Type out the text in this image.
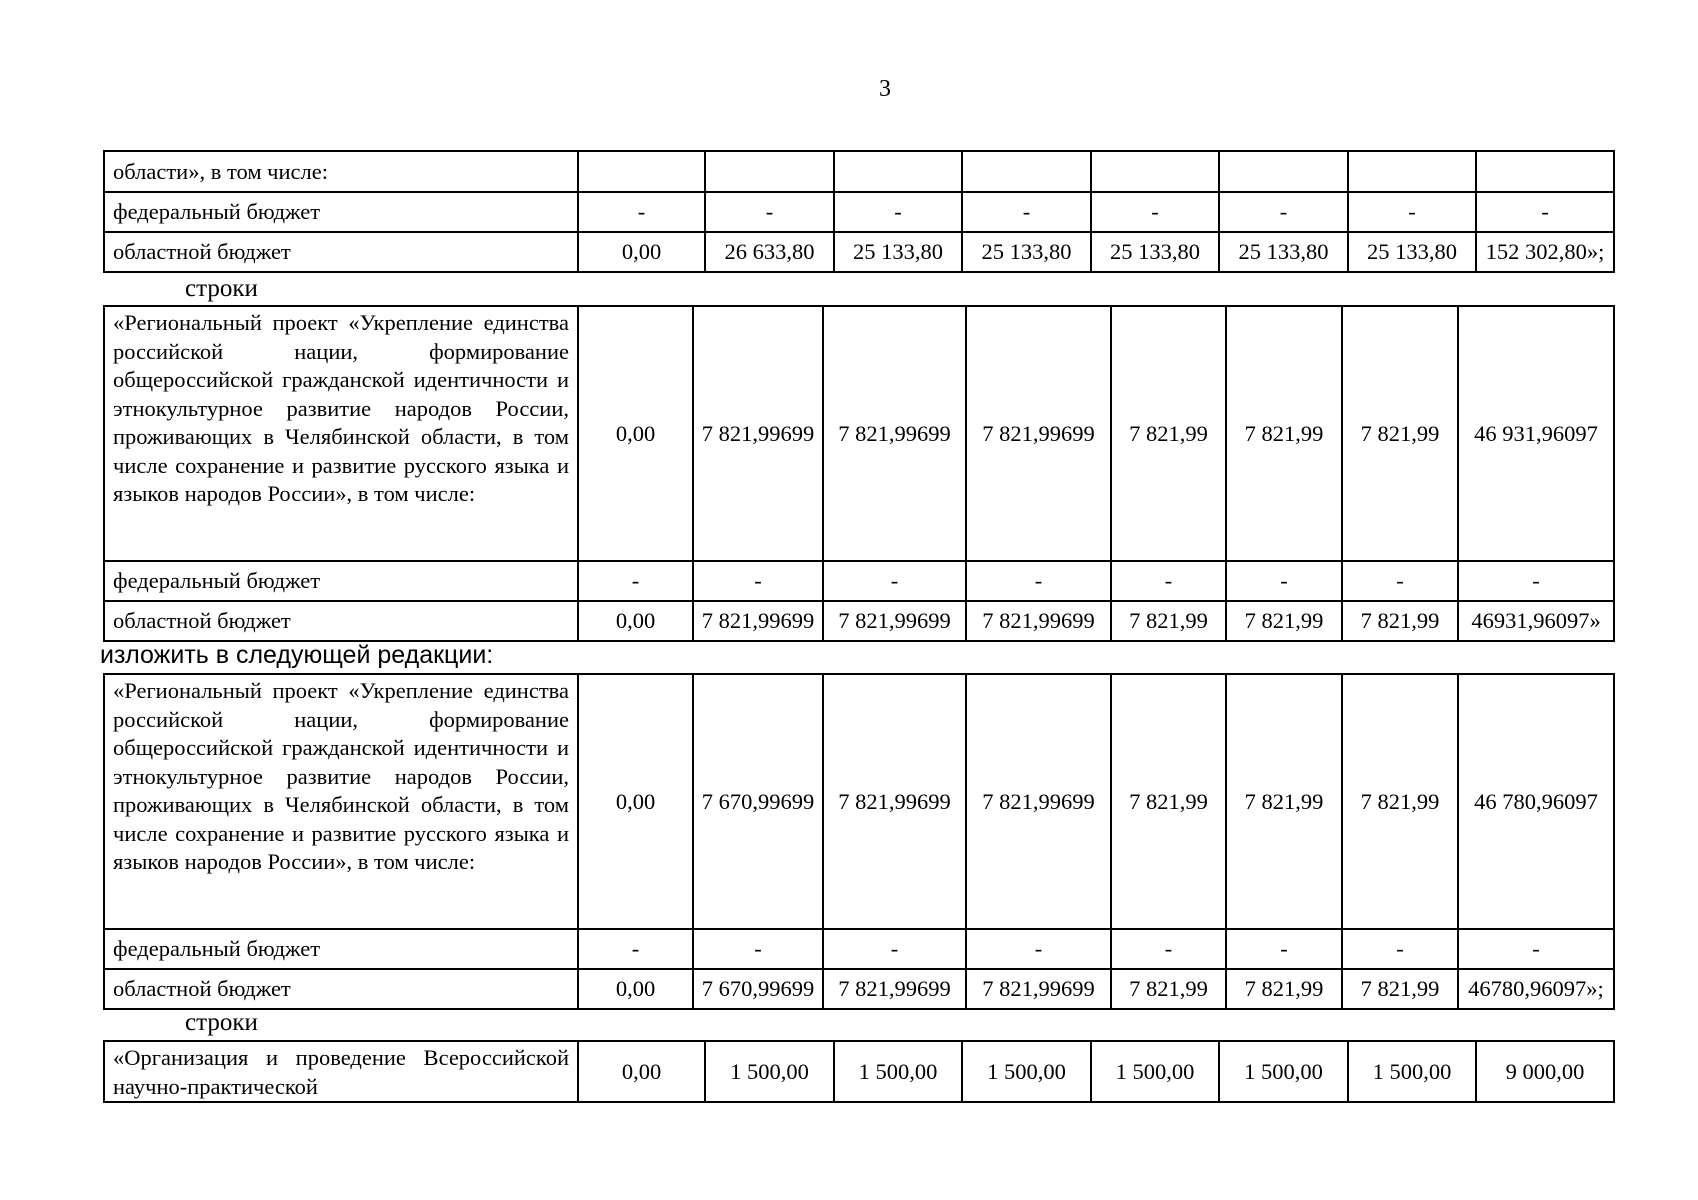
3
области», в том числе:								
федеральный бюджет	-	-	-	-	-	-	-	-
областной бюджет	0,00	26 633,80	25 133,80	25 133,80	25 133,80	25 133,80	25 133,80	152 302,80»;
строки
«Региональный проект «Укрепление единства российской нации, формирование общероссийской гражданской идентичности и этнокультурное развитие народов России, проживающих в Челябинской области, в том числе сохранение и развитие русского языка и языков народов России», в том числе:	0,00	7 821,99699	7 821,99699	7 821,99699	7 821,99	7 821,99	7 821,99	46 931,96097
федеральный бюджет	-	-	-	-	-	-	-	-
областной бюджет	0,00	7 821,99699	7 821,99699	7 821,99699	7 821,99	7 821,99	7 821,99	46931,96097»
изложить в следующей редакции:
«Региональный проект «Укрепление единства российской нации, формирование общероссийской гражданской идентичности и этнокультурное развитие народов России, проживающих в Челябинской области, в том числе сохранение и развитие русского языка и языков народов России», в том числе:	0,00	7 670,99699	7 821,99699	7 821,99699	7 821,99	7 821,99	7 821,99	46 780,96097
федеральный бюджет	-	-	-	-	-	-	-	-
областной бюджет	0,00	7 670,99699	7 821,99699	7 821,99699	7 821,99	7 821,99	7 821,99	46780,96097»;
строки
«Организация и проведение Всероссийской научно-практической	0,00	1 500,00	1 500,00	1 500,00	1 500,00	1 500,00	1 500,00	9 000,00
